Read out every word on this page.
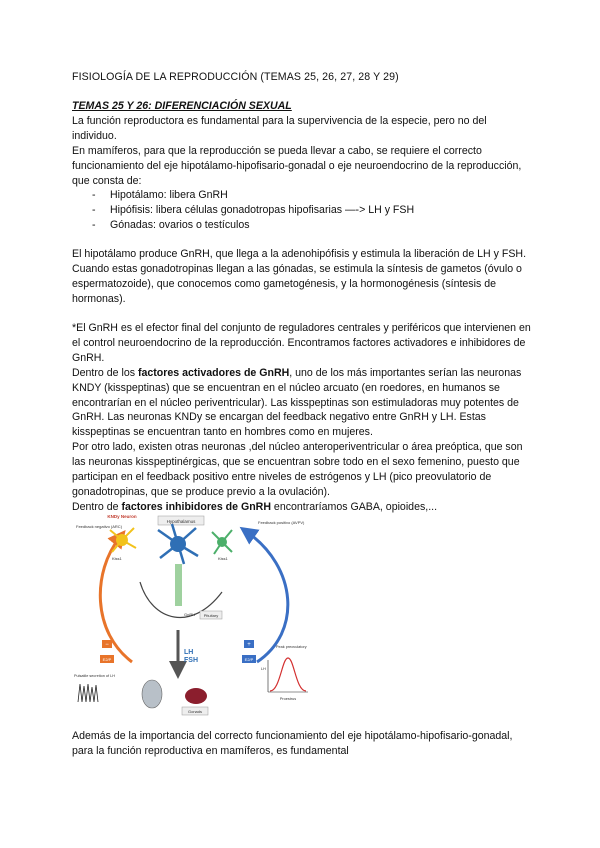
FISIOLOGÍA DE LA REPRODUCCIÓN (TEMAS 25, 26, 27, 28 Y 29)

TEMAS 25 Y 26: DIFERENCIACIÓN SEXUAL

La función reproductora es fundamental para la supervivencia de la especie, pero no del individuo.

En mamíferos, para que la reproducción se pueda llevar a cabo, se requiere el correcto funcionamiento del eje hipotálamo-hipofisario-gonadal o eje neuroendocrino de la reproducción, que consta de:

- Hipotálamo: libera GnRH
- Hipófisis: libera células gonadotropas hipofisarias —-> LH y FSH
- Gónadas: ovarios o testículos

El hipotálamo produce GnRH, que llega a la adenohipófisis y estimula la liberación de LH y FSH. Cuando estas gonadotropinas llegan a las gónadas, se estimula la síntesis de gametos (óvulo o espermatozoide), que conocemos como gametogénesis, y la hormonogénesis (síntesis de hormonas).

*El GnRH es el efector final del conjunto de reguladores centrales y periféricos que intervienen en el control neuroendocrino de la reproducción. Encontramos factores activadores e inhibidores de GnRH.

Dentro de los factores activadores de GnRH, uno de los más importantes serían las neuronas KNDY (kisspeptinas) que se encuentran en el núcleo arcuato (en roedores, en humanos se encontrarían en el núcleo periventricular). Las kisspeptinas son estimuladoras muy potentes de GnRH. Las neuronas KNDy se encargan del feedback negativo entre GnRH y LH. Estas kisspeptinas se encuentran tanto en hombres como en mujeres.

Por otro lado, existen otras neuronas ,del núcleo anteroperiventricular o área preóptica, que son las neuronas kisspeptinérgicas, que se encuentran sobre todo en el sexo femenino, puesto que participan en el feedback positivo entre niveles de estrógenos y LH (pico preovulatorio de gonadotropinas, que se produce previo a la ovulación).

Dentro de factores inhibidores de GnRH encontraríamos GABA, opioides,...

Hypothalamus
KNDy Neuron
Feedback negativo (ARC)
Feedback positivo (AVPV)
Kiss1	Kiss1
GnRH Pituitary
LH
FSH
−
E2/P
+
E2/P
Pulsatile secretion of LH
Gonads
Peak preovulatory
LH
Proestrus

Además de la importancia del correcto funcionamiento del eje hipotálamo-hipofisario-gonadal, para la función reproductiva en mamíferos, es fundamental
